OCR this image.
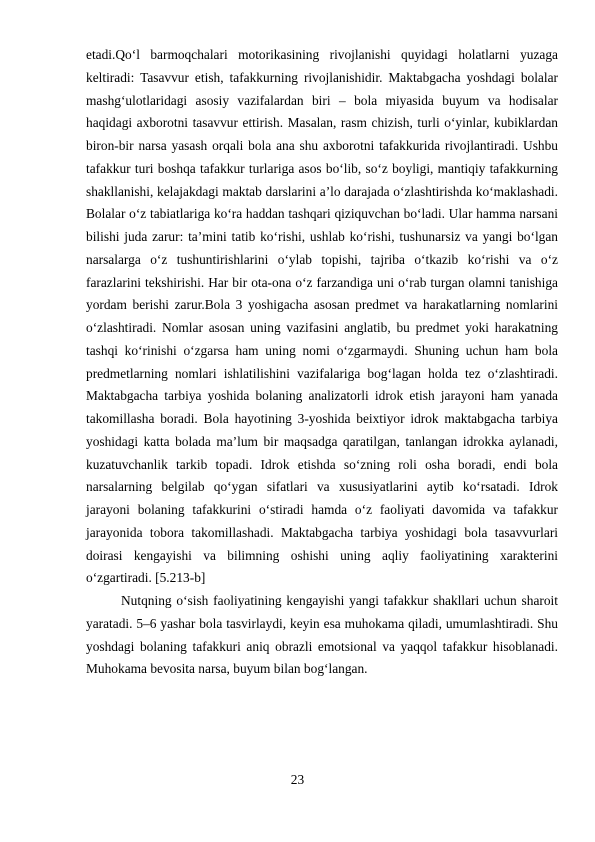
etadi.Qo‘l barmoqchalari motorikasining rivojlanishi quyidagi holatlarni yuzaga keltiradi: Tasavvur etish, tafakkurning rivojlanishidir. Maktabgacha yoshdagi bolalar mashg‘ulotlaridagi asosiy vazifalardan biri – bola miyasida buyum va hodisalar haqidagi axborotni tasavvur ettirish. Masalan, rasm chizish, turli o‘yinlar, kubiklardan biron-bir narsa yasash orqali bola ana shu axborotni tafakkurida rivojlantiradi. Ushbu tafakkur turi boshqa tafakkur turlariga asos bo‘lib, so‘z boyligi, mantiqiy tafakkurning shakllanishi, kelajakdagi maktab darslarini a’lo darajada o‘zlashtirishda ko‘maklashadi. Bolalar o‘z tabiatlariga ko‘ra haddan tashqari qiziquvchan bo‘ladi. Ular hamma narsani bilishi juda zarur: ta’mini tatib ko‘rishi, ushlab ko‘rishi, tushunarsiz va yangi bo‘lgan narsalarga o‘z tushuntirishlarini o‘ylab topishi, tajriba o‘tkazib ko‘rishi va o‘z farazlarini tekshirishi. Har bir ota-ona o‘z farzandiga uni o‘rab turgan olamni tanishiga yordam berishi zarur.Bola 3 yoshigacha asosan predmet va harakatlarning nomlarini o‘zlashtiradi. Nomlar asosan uning vazifasini anglatib, bu predmet yoki harakatning tashqi ko‘rinishi o‘zgarsa ham uning nomi o‘zgarmaydi. Shuning uchun ham bola predmetlarning nomlari ishlatilishini vazifalariga bog‘lagan holda tez o‘zlashtiradi. Maktabgacha tarbiya yoshida bolaning analizatorli idrok etish jarayoni ham yanada takomillasha boradi. Bola hayotining 3-yoshida beixtiyor idrok maktabgacha tarbiya yoshidagi katta bolada ma’lum bir maqsadga qaratilgan, tanlangan idrokka aylanadi, kuzatuvchanlik tarkib topadi. Idrok etishda so‘zning roli osha boradi, endi bola narsalarning belgilab qo‘ygan sifatlari va xususiyatlarini aytib ko‘rsatadi. Idrok jarayoni bolaning tafakkurini o‘stiradi hamda o‘z faoliyati davomida va tafakkur jarayonida tobora takomillashadi. Maktabgacha tarbiya yoshidagi bola tasavvurlari doirasi kengayishi va bilimning oshishi uning aqliy faoliyatining xarakterini o‘zgartiradi. [5.213-b]

Nutqning o‘sish faoliyatining kengayishi yangi tafakkur shakllari uchun sharoit yaratadi. 5–6 yashar bola tasvirlaydi, keyin esa muhokama qiladi, umumlashtiradi. Shu yoshdagi bolaning tafakkuri aniq obrazli emotsional va yaqqol tafakkur hisoblanadi. Muhokama bevosita narsa, buyum bilan bog‘langan.

23
